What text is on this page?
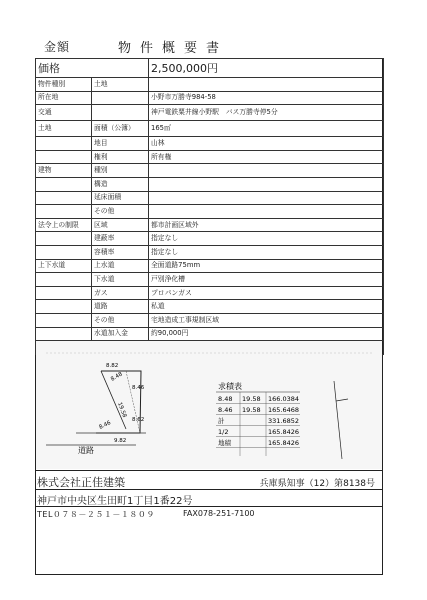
金額	物件概要書
価格		2,500,000円
物件種別	土地	
所在地		小野市万勝寺984-58
交通		神戸電鉄粟井線小野駅　バス万勝寺停5分
土地	面積（公簿）	165㎡
	地目	山林
	権利	所有権
建物	種別	
	構造	
	延床面積	
	その他	
法令上の制限	区域	都市計画区域外
	建蔽率	指定なし
	容積率	指定なし
上下水道	上水道	全面道路75mm
	下水道	戸別浄化槽
	ガス	プロパンガス
	道路	私道
	その他	宅地造成工事規制区域
	水道加入金	約90,000円

8.82
8.48
19.58
8.46
8.46
8.62
9.82
道路
求積表
8.48 19.58 166.0384
8.46 19.58 165.6468
計	331.6852
1/2	165.8426
地積	165.8426
株式会社正佳建築	兵庫県知事（12）第8138号
神戸市中央区生田町1丁目1番22号
TEL０７８－２５１－１８０９	FAX078-251-7100
